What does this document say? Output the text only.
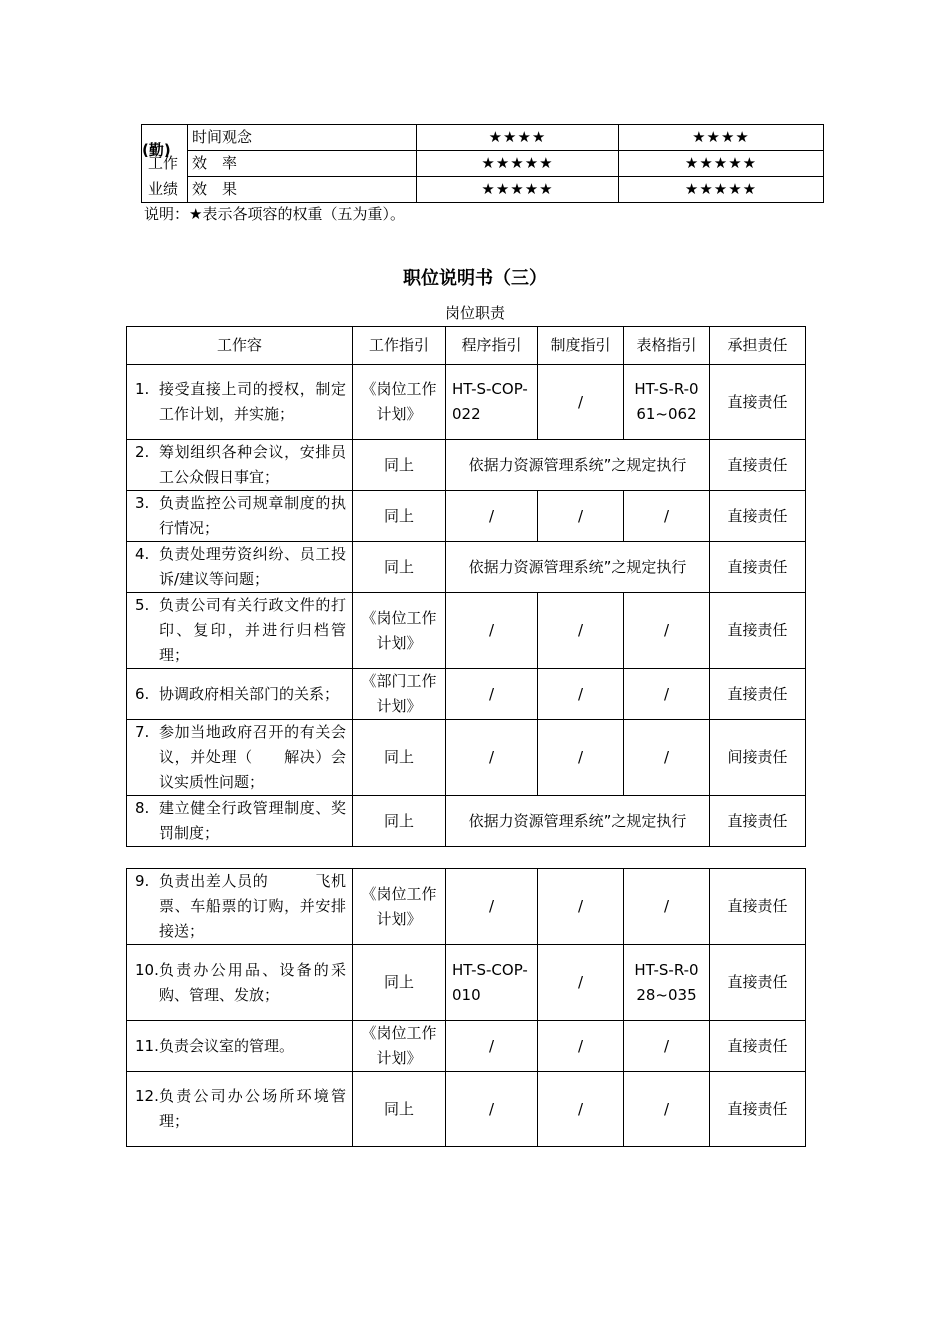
(勤)	时间观念	★★★★	★★★★
工作	效　率	★★★★★	★★★★★
业绩	效　果	★★★★★	★★★★★
说明：★表示各项容的权重（五为重）。
职位说明书（三）
岗位职责
工作容	工作指引	程序指引	制度指引	表格指引	承担责任

1. 接受直接上司的授权，制定工作计划，并实施；	《岗位工作计划》	HT-S-COP-022	/	HT-S-R-061~062	直接责任

2. 筹划组织各种会议，安排员工公众假日事宜；	同上	依据力资源管理系统”之规定执行			直接责任

3. 负责监控公司规章制度的执行情况；	同上	/	/	/	直接责任

4. 负责处理劳资纠纷、员工投诉/建议等问题；	同上	依据力资源管理系统”之规定执行			直接责任

5. 负责公司有关行政文件的打印、复印，并进行归档管理；	《岗位工作计划》	/	/	/	直接责任

6. 协调政府相关部门的关系；	《部门工作计划》	/	/	/	直接责任

7. 参加当地政府召开的有关会议，并处理（　　解决）会议实质性问题；	同上	/	/	/	间接责任

8. 建立健全行政管理制度、奖罚制度；	同上	依据力资源管理系统”之规定执行			直接责任
9. 负责出差人员的　　　飞机票、车船票的订购，并安排接送；	《岗位工作计划》	/	/	/	直接责任

10. 负责办公用品、设备的采购、管理、发放；	同上	HT-S-COP-010	/	HT-S-R-028~035	直接责任

11. 负责会议室的管理。	《岗位工作计划》	/	/	/	直接责任

12. 负责公司办公场所环境管理；	同上	/	/	/	直接责任
